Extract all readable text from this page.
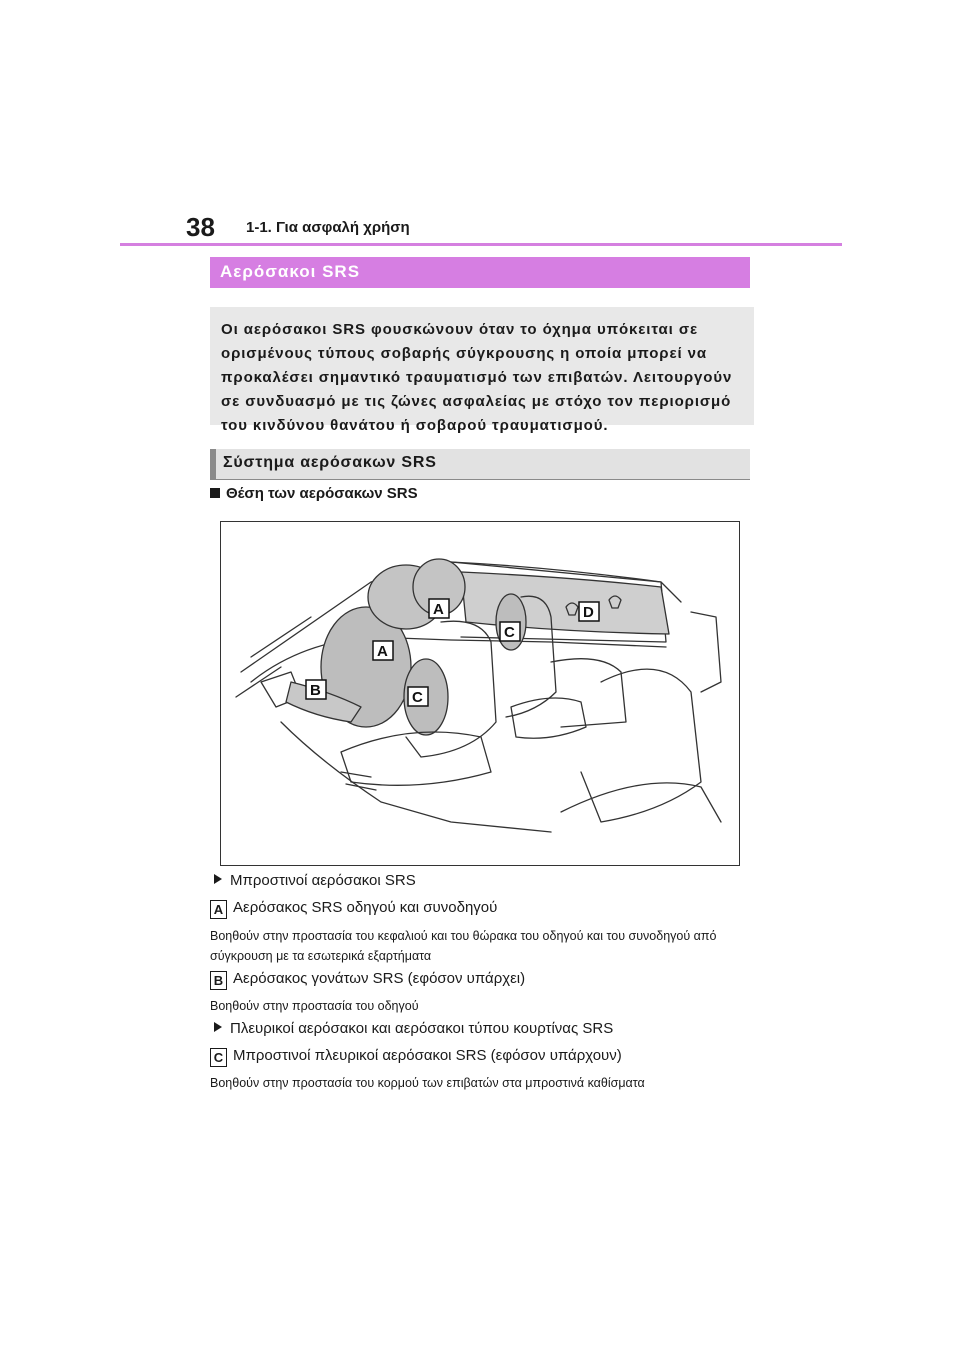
38 1-1. Για ασφαλή χρήση
Αερόσακοι SRS
Οι αερόσακοι SRS φουσκώνουν όταν το όχημα υπόκειται σε ορισμένους τύπους σοβαρής σύγκρουσης η οποία μπορεί να προκαλέσει σημαντικό τραυματισμό των επιβατών. Λειτουργούν σε συνδυασμό με τις ζώνες ασφαλείας με στόχο τον περιορισμό του κινδύνου θανάτου ή σοβαρού τραυματισμού.
Σύστημα αερόσακων SRS
Θέση των αερόσακων SRS
A
A
B	C
C
D
Μπροστινοί αερόσακοι SRS
A Αερόσακος SRS οδηγού και συνοδηγού
Βοηθούν στην προστασία του κεφαλιού και του θώρακα του οδηγού και του συνοδηγού από σύγκρουση με τα εσωτερικά εξαρτήματα
B Αερόσακος γονάτων SRS (εφόσον υπάρχει)
Βοηθούν στην προστασία του οδηγού
Πλευρικοί αερόσακοι και αερόσακοι τύπου κουρτίνας SRS
C Μπροστινοί πλευρικοί αερόσακοι SRS (εφόσον υπάρχουν)
Βοηθούν στην προστασία του κορμού των επιβατών στα μπροστινά καθίσματα
